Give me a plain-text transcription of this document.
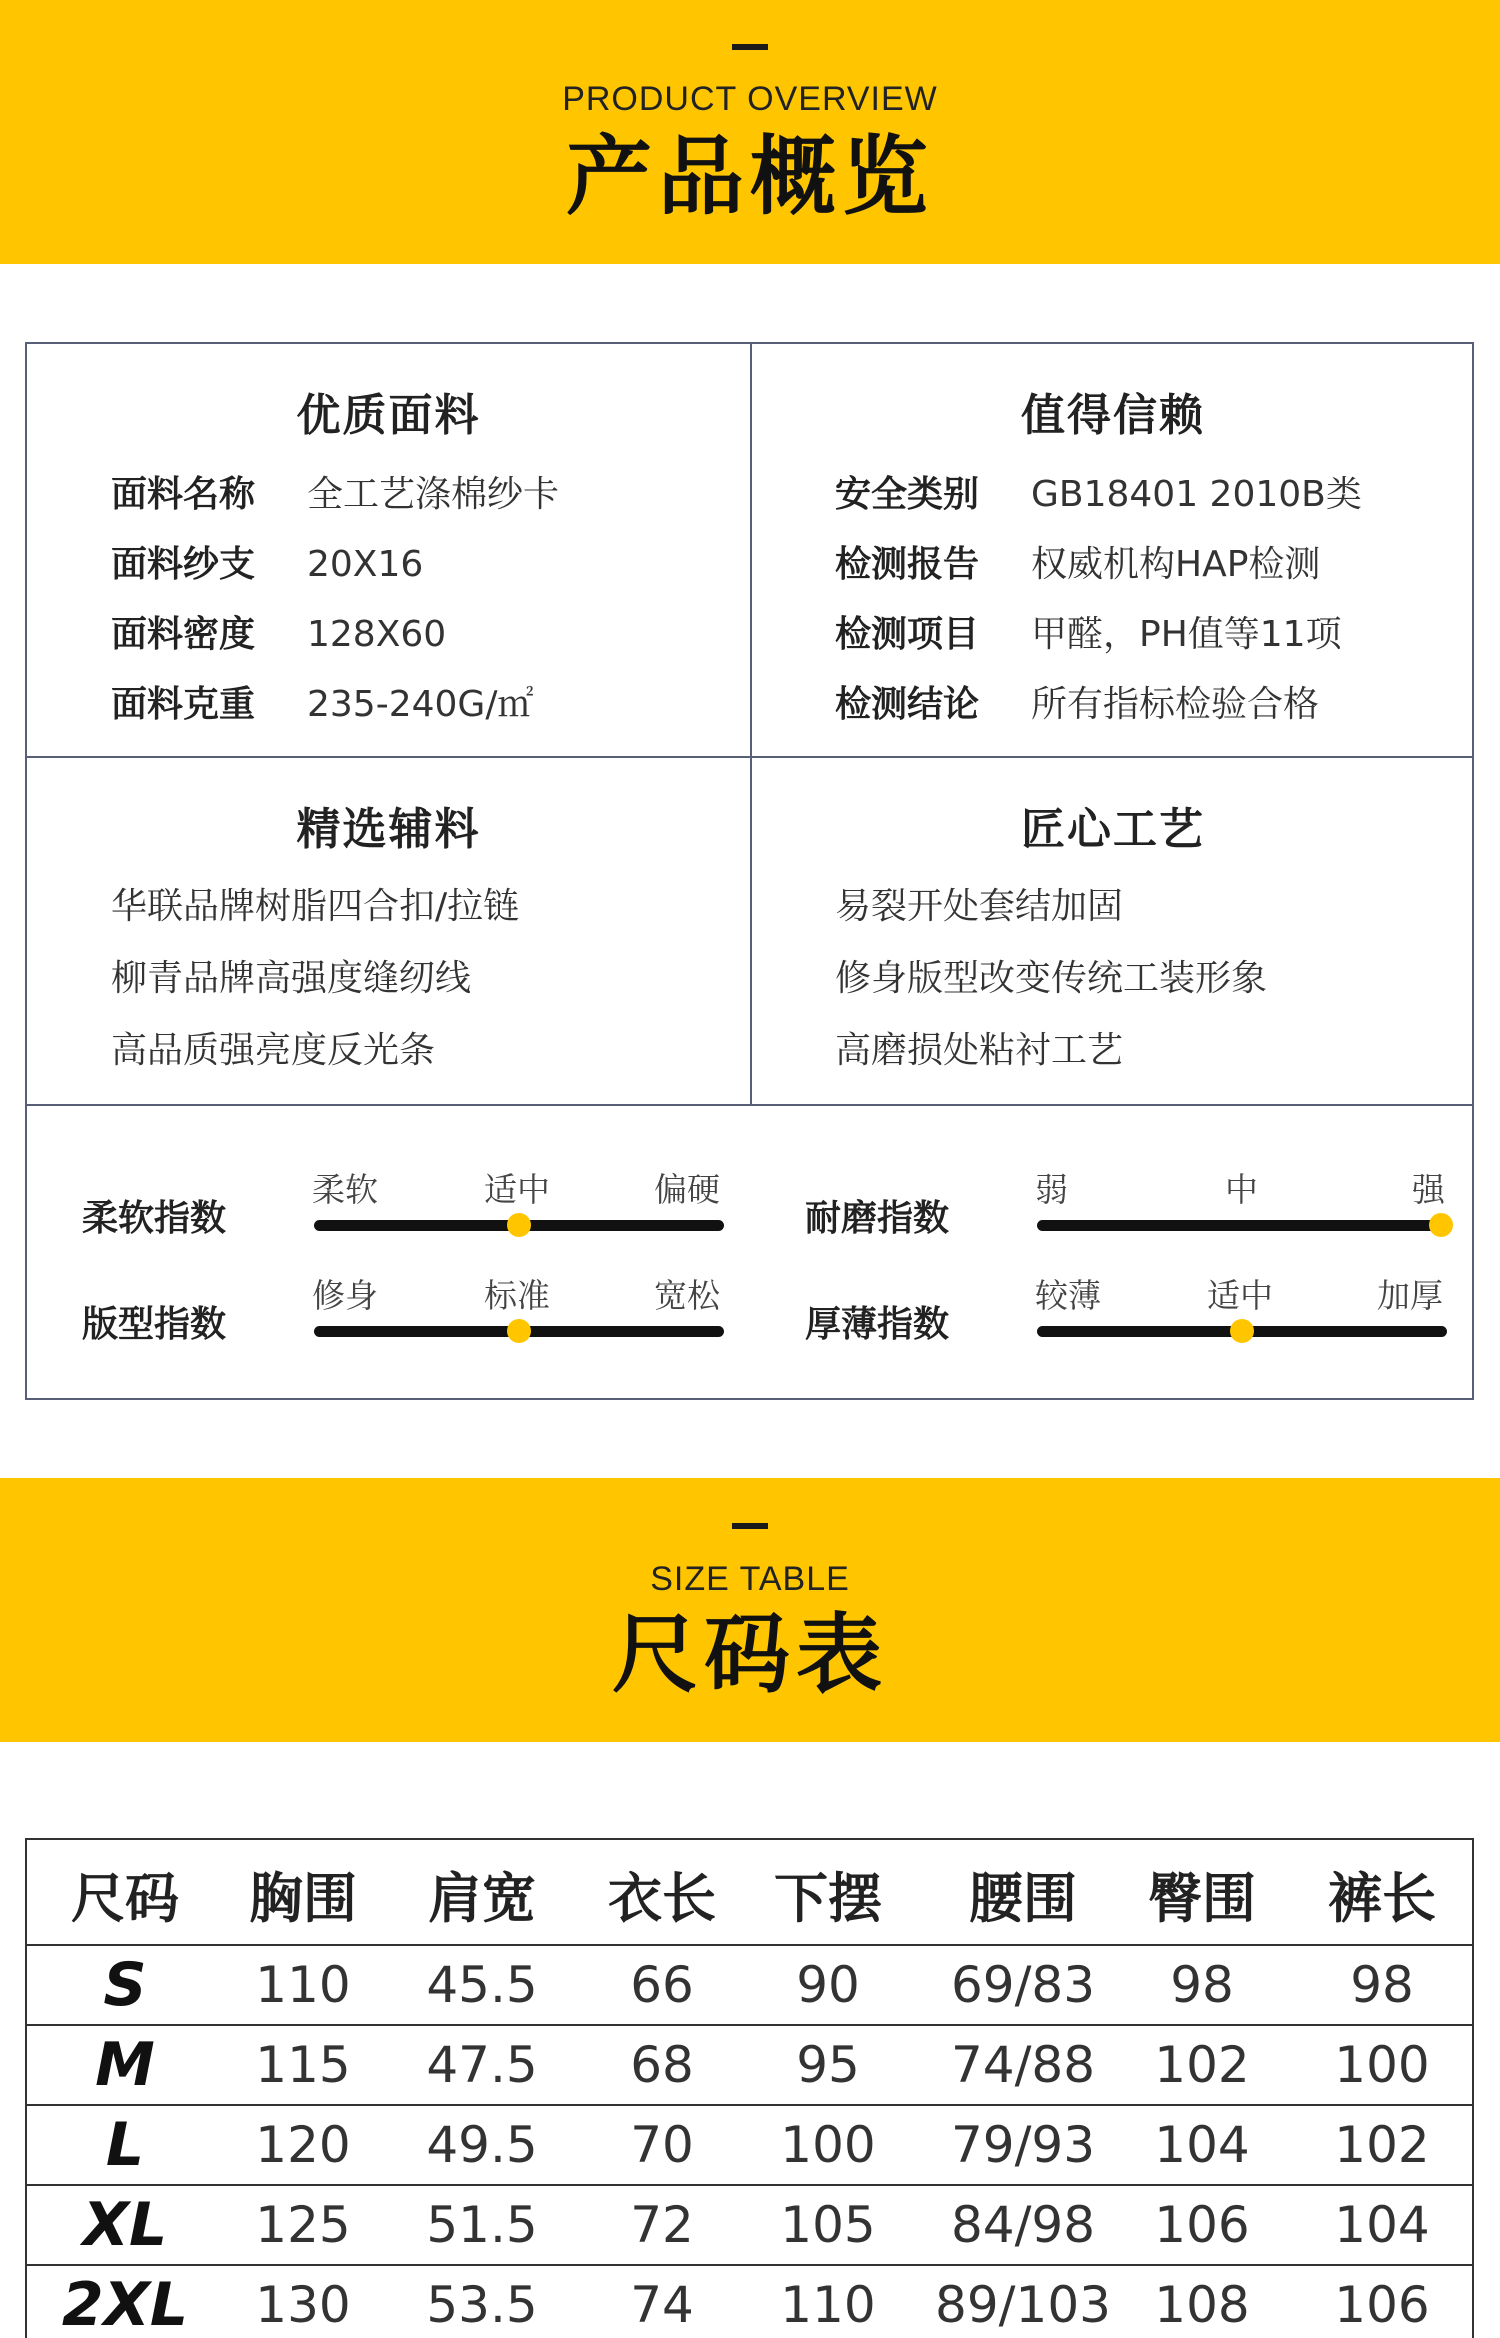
PRODUCT OVERVIEW
产品概览
优质面料
面料名称 全工艺涤棉纱卡
面料纱支 20X16
面料密度 128X60
面料克重 235-240G/㎡
值得信赖
安全类别 GB18401 2010B类
检测报告 权威机构HAP检测
检测项目 甲醛，PH值等11项
检测结论 所有指标检验合格
精选辅料
华联品牌树脂四合扣/拉链
柳青品牌高强度缝纫线
高品质强亮度反光条
匠心工艺
易裂开处套结加固
修身版型改变传统工装形象
高磨损处粘衬工艺
柔软指数
柔软	适中	偏硬
耐磨指数
弱	中	强
版型指数
修身	标准	宽松
厚薄指数
较薄	适中	加厚
SIZE TABLE
尺码表
尺码 胸围 肩宽 衣长 下摆 腰围 臀围 裤长
S 110 45.5 66 90 69/83 98 98
M 115 47.5 68 95 74/88 102 100
L 120 49.5 70 100 79/93 104 102
XL 125 51.5 72 105 84/98 106 104
2XL 130 53.5 74 110 89/103 108 106
